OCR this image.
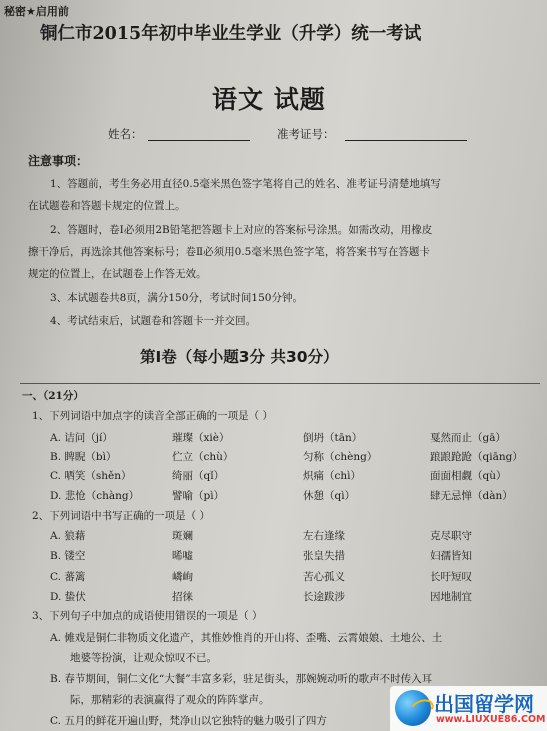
秘密★启用前
铜仁市2015年初中毕业生学业（升学）统一考试
语文 试题
姓名：	准考证号：
注意事项：
1、答题前，考生务必用直径0.5毫米黑色签字笔将自己的姓名、准考证号清楚地填写
在试题卷和答题卡规定的位置上。
2、答题时，卷Ⅰ必须用2B铅笔把答题卡上对应的答案标号涂黑。如需改动，用橡皮
擦干净后，再选涂其他答案标号；卷Ⅱ必须用0.5毫米黑色签字笔，将答案书写在答题卡
规定的位置上，在试题卷上作答无效。
3、本试题卷共8页，满分150分，考试时间150分钟。
4、考试结束后，试题卷和答题卡一并交回。
第Ⅰ卷（每小题3分 共30分）
一、（21分）
1、下列词语中加点字的读音全部正确的一项是（ ）
A. 诘问（jí）	璀璨（xiè）	倒坍（tān）	戛然而止（gā）
B. 睥睨（bì）	伫立（chù）	匀称（chèng）	踉踉跄跄（qiāng）
C. 哂笑（shěn）	绮丽（qǐ）	炽痛（chì）	面面相觑（qù）
D. 悲怆（chàng）	譬喻（pì）	休憩（qì）	肆无忌惮（dàn）
2、下列词语中书写正确的一项是（ ）
A. 狼藉	斑斓	左右逢缘	克尽职守
B. 镂空	晞嘘	张皇失措	妇孺皆知
C. 蕃篱	嶙峋	苦心孤义	长吁短叹
D. 蛰伏	招徕	长途跋涉	因地制宜
3、下列句子中加点的成语使用错误的一项是（ ）
A. 傩戏是铜仁非物质文化遗产，其惟妙惟肖的开山将、歪嘴、云霄娘娘、土地公、土
地婆等扮演，让观众惊叹不已。
B. 春节期间，铜仁文化“大餐”丰富多彩，驻足街头，那婉婉动听的歌声不时传入耳
际，那精彩的表演赢得了观众的阵阵掌声。
C. 五月的鲜花开遍山野，梵净山以它独特的魅力吸引了四方
出国留学网
www.LIUXUE86.COM
